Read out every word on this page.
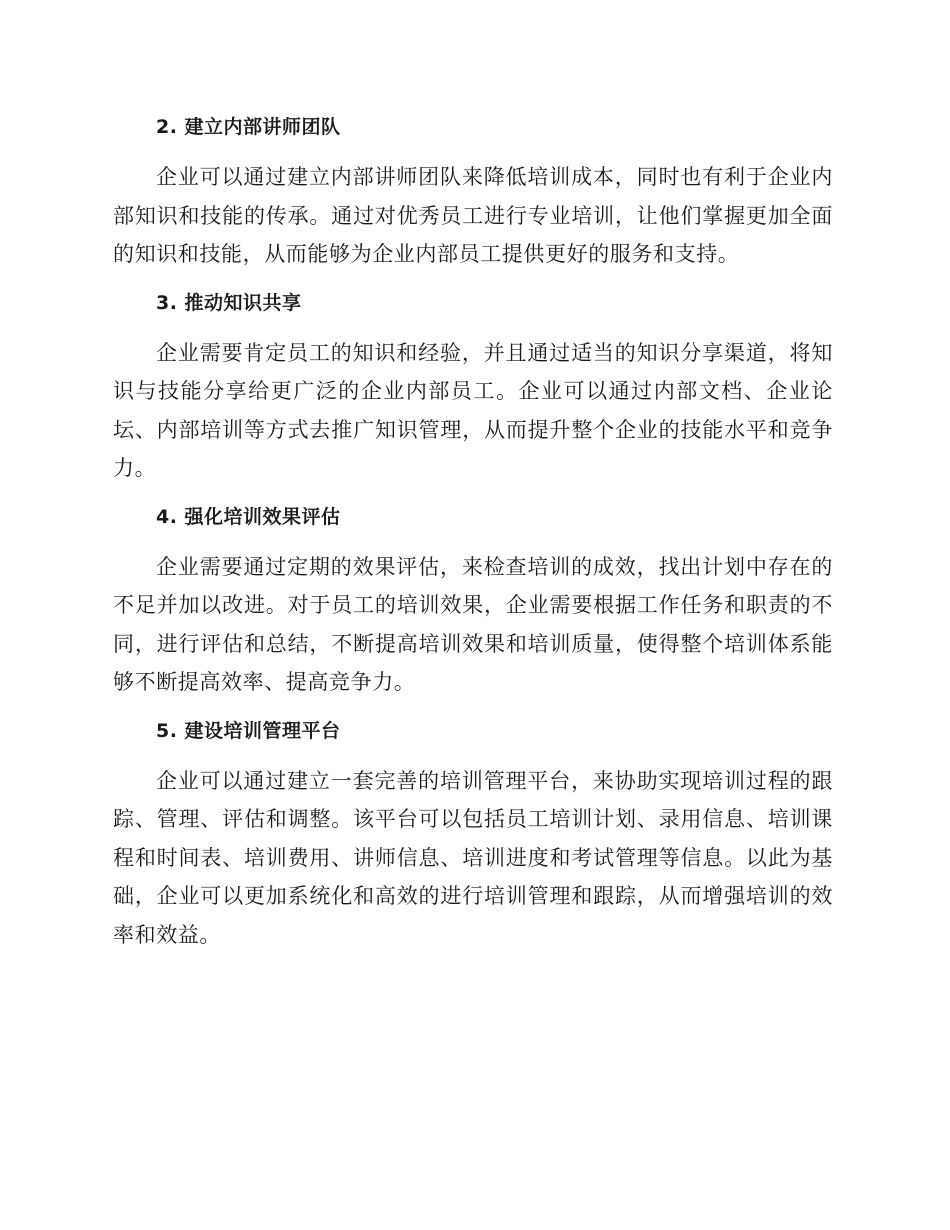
2. 建立内部讲师团队

企业可以通过建立内部讲师团队来降低培训成本，同时也有利于企业内部知识和技能的传承。通过对优秀员工进行专业培训，让他们掌握更加全面的知识和技能，从而能够为企业内部员工提供更好的服务和支持。

3. 推动知识共享

企业需要肯定员工的知识和经验，并且通过适当的知识分享渠道，将知识与技能分享给更广泛的企业内部员工。企业可以通过内部文档、企业论坛、内部培训等方式去推广知识管理，从而提升整个企业的技能水平和竞争力。

4. 强化培训效果评估

企业需要通过定期的效果评估，来检查培训的成效，找出计划中存在的不足并加以改进。对于员工的培训效果，企业需要根据工作任务和职责的不同，进行评估和总结，不断提高培训效果和培训质量，使得整个培训体系能够不断提高效率、提高竞争力。

5. 建设培训管理平台

企业可以通过建立一套完善的培训管理平台，来协助实现培训过程的跟踪、管理、评估和调整。该平台可以包括员工培训计划、录用信息、培训课程和时间表、培训费用、讲师信息、培训进度和考试管理等信息。以此为基础，企业可以更加系统化和高效的进行培训管理和跟踪，从而增强培训的效率和效益。
